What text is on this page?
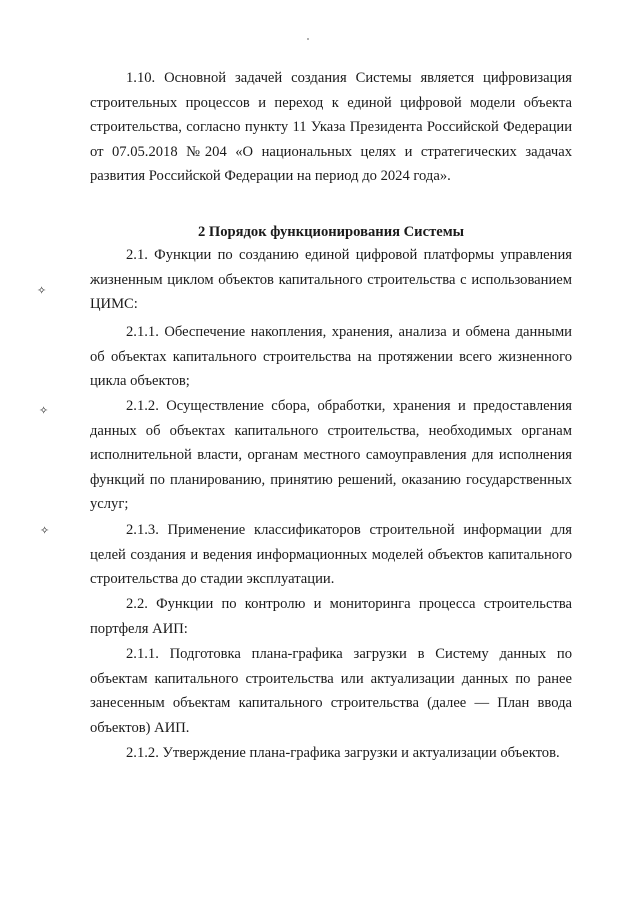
1.10. Основной задачей создания Системы является цифровизация строительных процессов и переход к единой цифровой модели объекта строительства, согласно пункту 11 Указа Президента Российской Федерации от 07.05.2018 №204 «О национальных целях и стратегических задачах развития Российской Федерации на период до 2024 года».
2 Порядок функционирования Системы
2.1. Функции по созданию единой цифровой платформы управления жизненным циклом объектов капитального строительства с использованием ЦИМС:
2.1.1. Обеспечение накопления, хранения, анализа и обмена данными об объектах капитального строительства на протяжении всего жизненного цикла объектов;
2.1.2. Осуществление сбора, обработки, хранения и предоставления данных об объектах капитального строительства, необходимых органам исполнительной власти, органам местного самоуправления для исполнения функций по планированию, принятию решений, оказанию государственных услуг;
2.1.3. Применение классификаторов строительной информации для целей создания и ведения информационных моделей объектов капитального строительства до стадии эксплуатации.
2.2. Функции по контролю и мониторинга процесса строительства портфеля АИП:
2.1.1. Подготовка плана-графика загрузки в Систему данных по объектам капитального строительства или актуализации данных по ранее занесенным объектам капитального строительства (далее — План ввода объектов) АИП.
2.1.2. Утверждение плана-графика загрузки и актуализации объектов.
✧
✧
✧
